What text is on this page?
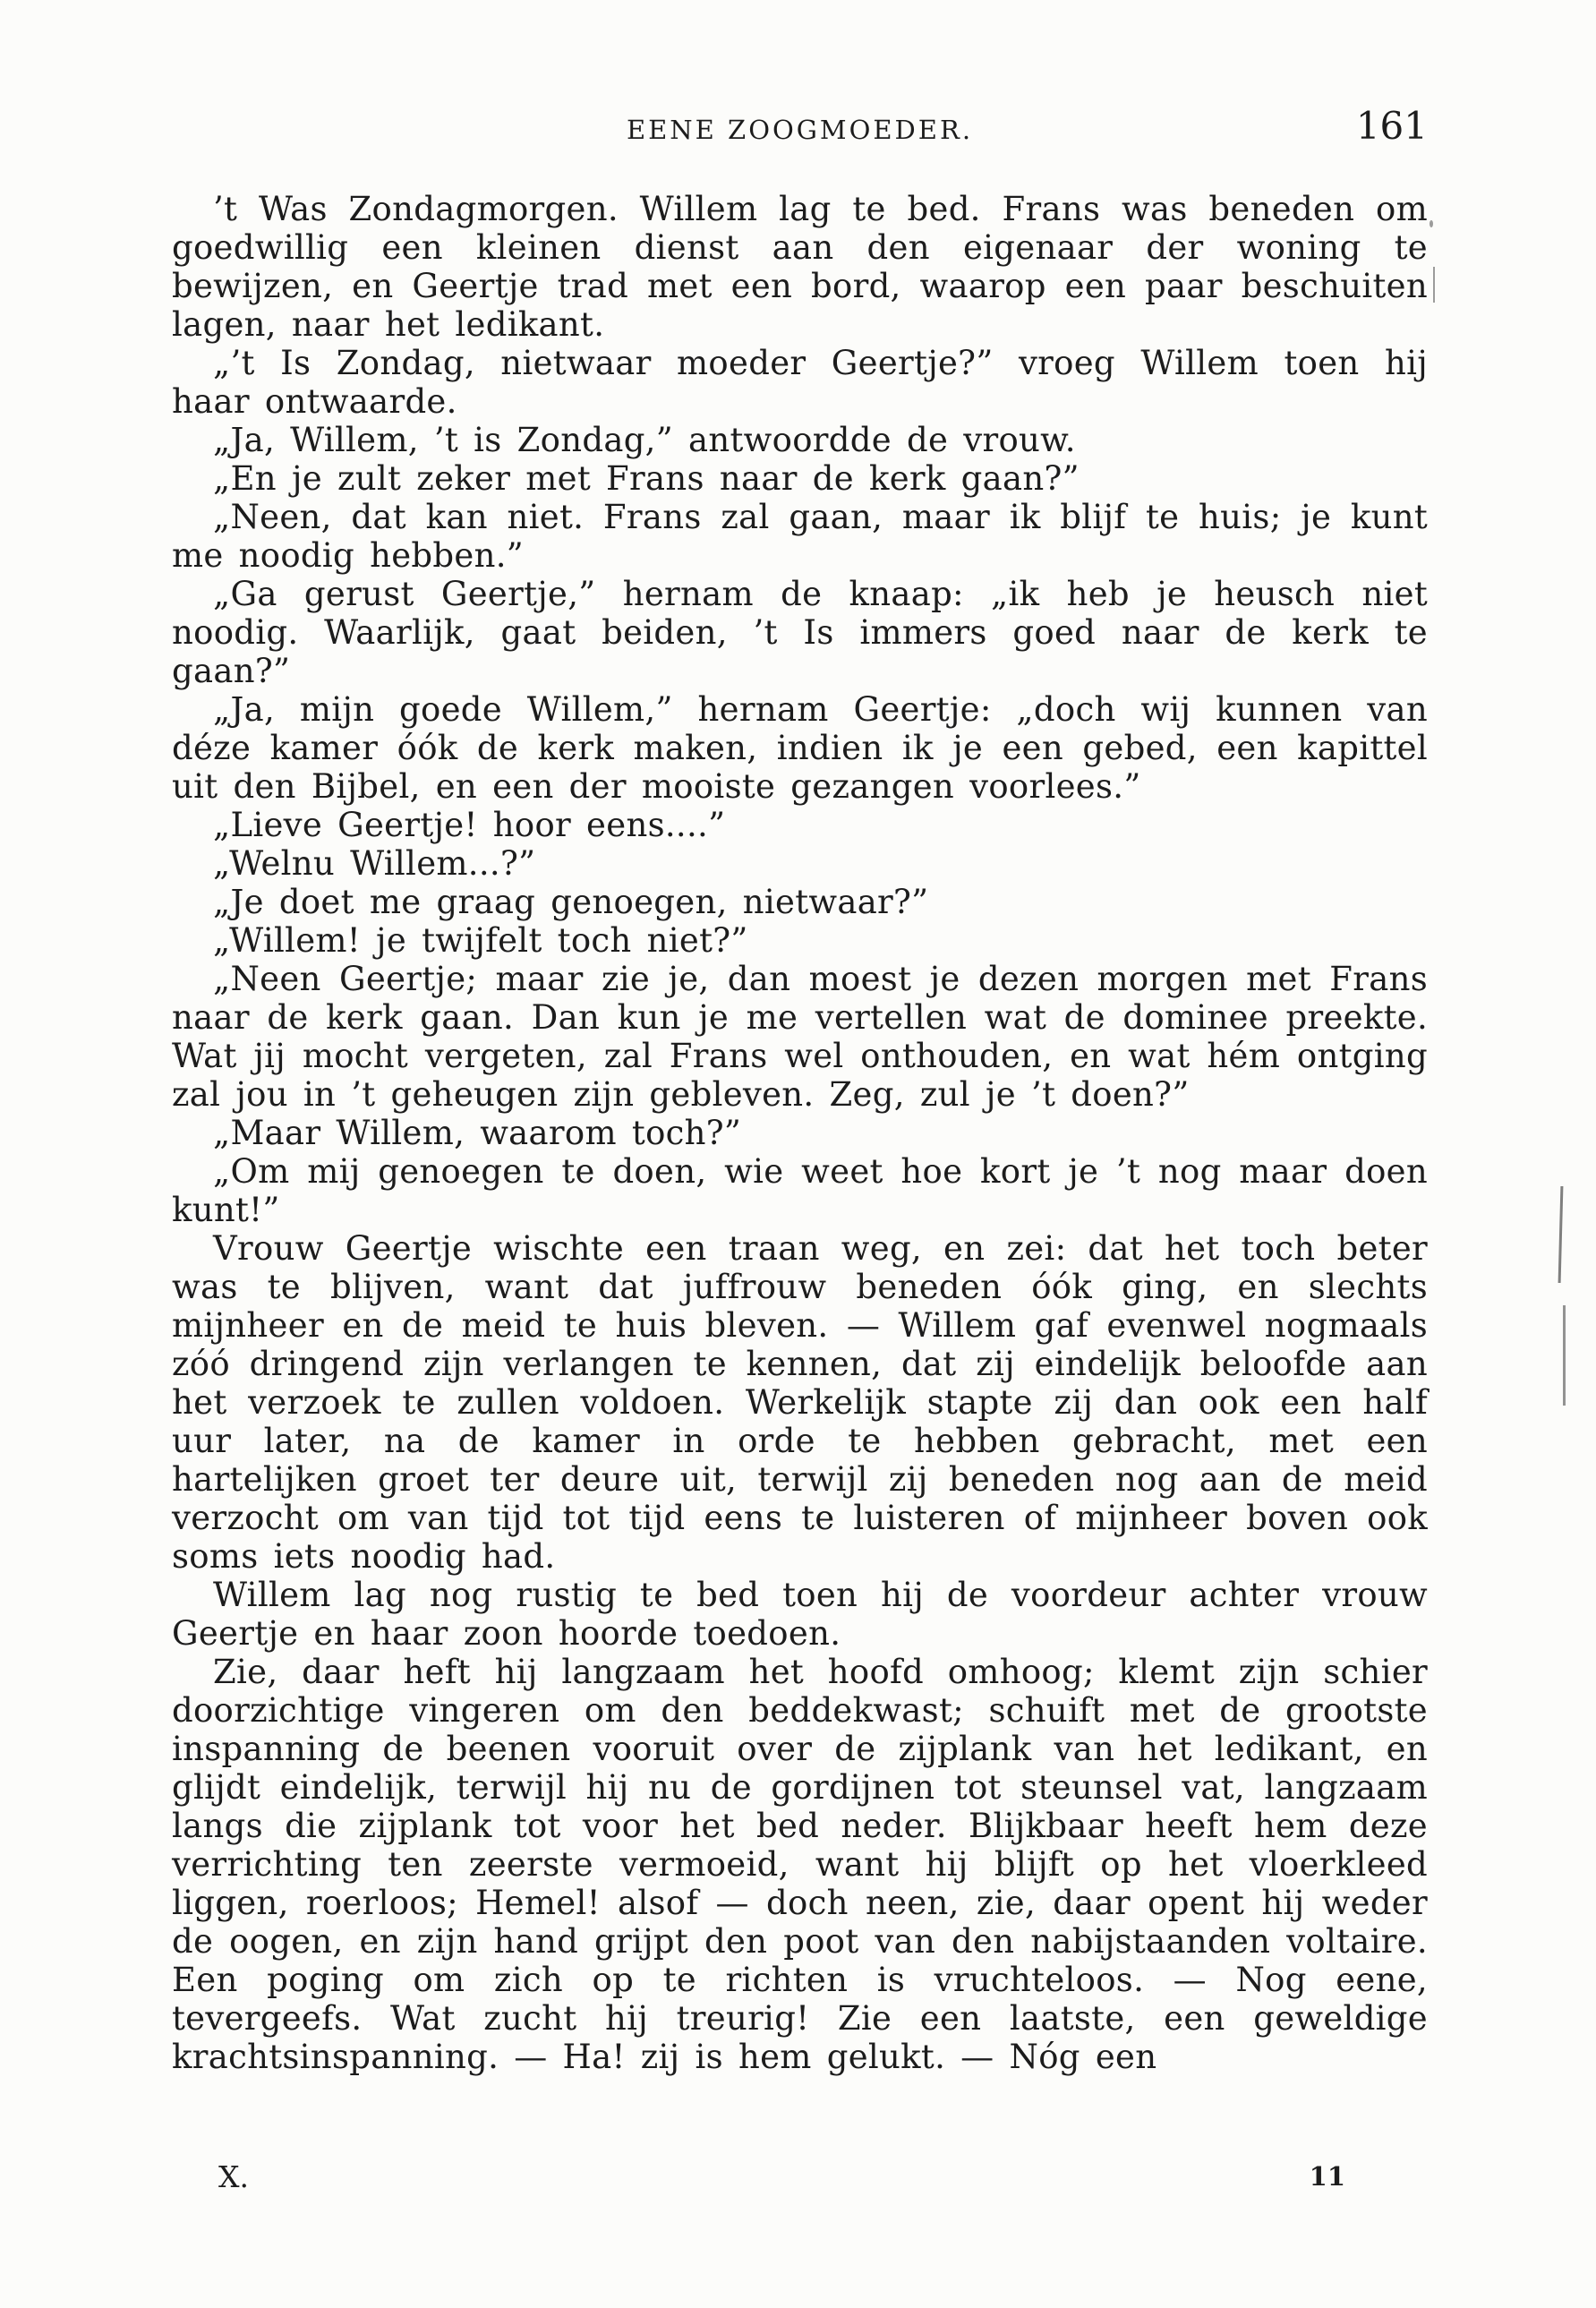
EENE ZOOGMOEDER.	161

’t Was Zondagmorgen. Willem lag te bed. Frans was beneden om goedwillig een kleinen dienst aan den eigenaar der woning te bewijzen, en Geertje trad met een bord, waarop een paar beschuiten lagen, naar het ledikant.

„’t Is Zondag, nietwaar moeder Geertje?” vroeg Willem toen hij haar ontwaarde.

„Ja, Willem, ’t is Zondag,” antwoordde de vrouw.

„En je zult zeker met Frans naar de kerk gaan?”

„Neen, dat kan niet. Frans zal gaan, maar ik blijf te huis; je kunt me noodig hebben.”

„Ga gerust Geertje,” hernam de knaap: „ik heb je heusch niet noodig. Waarlijk, gaat beiden, ’t Is immers goed naar de kerk te gaan?”

„Ja, mijn goede Willem,” hernam Geertje: „doch wij kunnen van déze kamer óók de kerk maken, indien ik je een gebed, een kapittel uit den Bijbel, en een der mooiste gezangen voorlees.”

„Lieve Geertje! hoor eens....”

„Welnu Willem...?”

„Je doet me graag genoegen, nietwaar?”

„Willem! je twijfelt toch niet?”

„Neen Geertje; maar zie je, dan moest je dezen morgen met Frans naar de kerk gaan. Dan kun je me vertellen wat de dominee preekte. Wat jij mocht vergeten, zal Frans wel onthouden, en wat hém ontging zal jou in ’t geheugen zijn gebleven. Zeg, zul je ’t doen?”

„Maar Willem, waarom toch?”

„Om mij genoegen te doen, wie weet hoe kort je ’t nog maar doen kunt!”

Vrouw Geertje wischte een traan weg, en zei: dat het toch beter was te blijven, want dat juffrouw beneden óók ging, en slechts mijnheer en de meid te huis bleven. — Willem gaf evenwel nogmaals zóó dringend zijn verlangen te kennen, dat zij eindelijk beloofde aan het verzoek te zullen voldoen. Werkelijk stapte zij dan ook een half uur later, na de kamer in orde te hebben gebracht, met een hartelijken groet ter deure uit, terwijl zij beneden nog aan de meid verzocht om van tijd tot tijd eens te luisteren of mijnheer boven ook soms iets noodig had.

Willem lag nog rustig te bed toen hij de voordeur achter vrouw Geertje en haar zoon hoorde toedoen.

Zie, daar heft hij langzaam het hoofd omhoog; klemt zijn schier doorzichtige vingeren om den beddekwast; schuift met de grootste inspanning de beenen vooruit over de zijplank van het ledikant, en glijdt eindelijk, terwijl hij nu de gordijnen tot steunsel vat, langzaam langs die zijplank tot voor het bed neder. Blijkbaar heeft hem deze verrichting ten zeerste vermoeid, want hij blijft op het vloerkleed liggen, roerloos; Hemel! alsof — doch neen, zie, daar opent hij weder de oogen, en zijn hand grijpt den poot van den nabijstaanden voltaire. Een poging om zich op te richten is vruchteloos. — Nog eene, tevergeefs. Wat zucht hij treurig! Zie een laatste, een geweldige krachtsinspanning. — Ha! zij is hem gelukt. — Nóg een

X.	11
